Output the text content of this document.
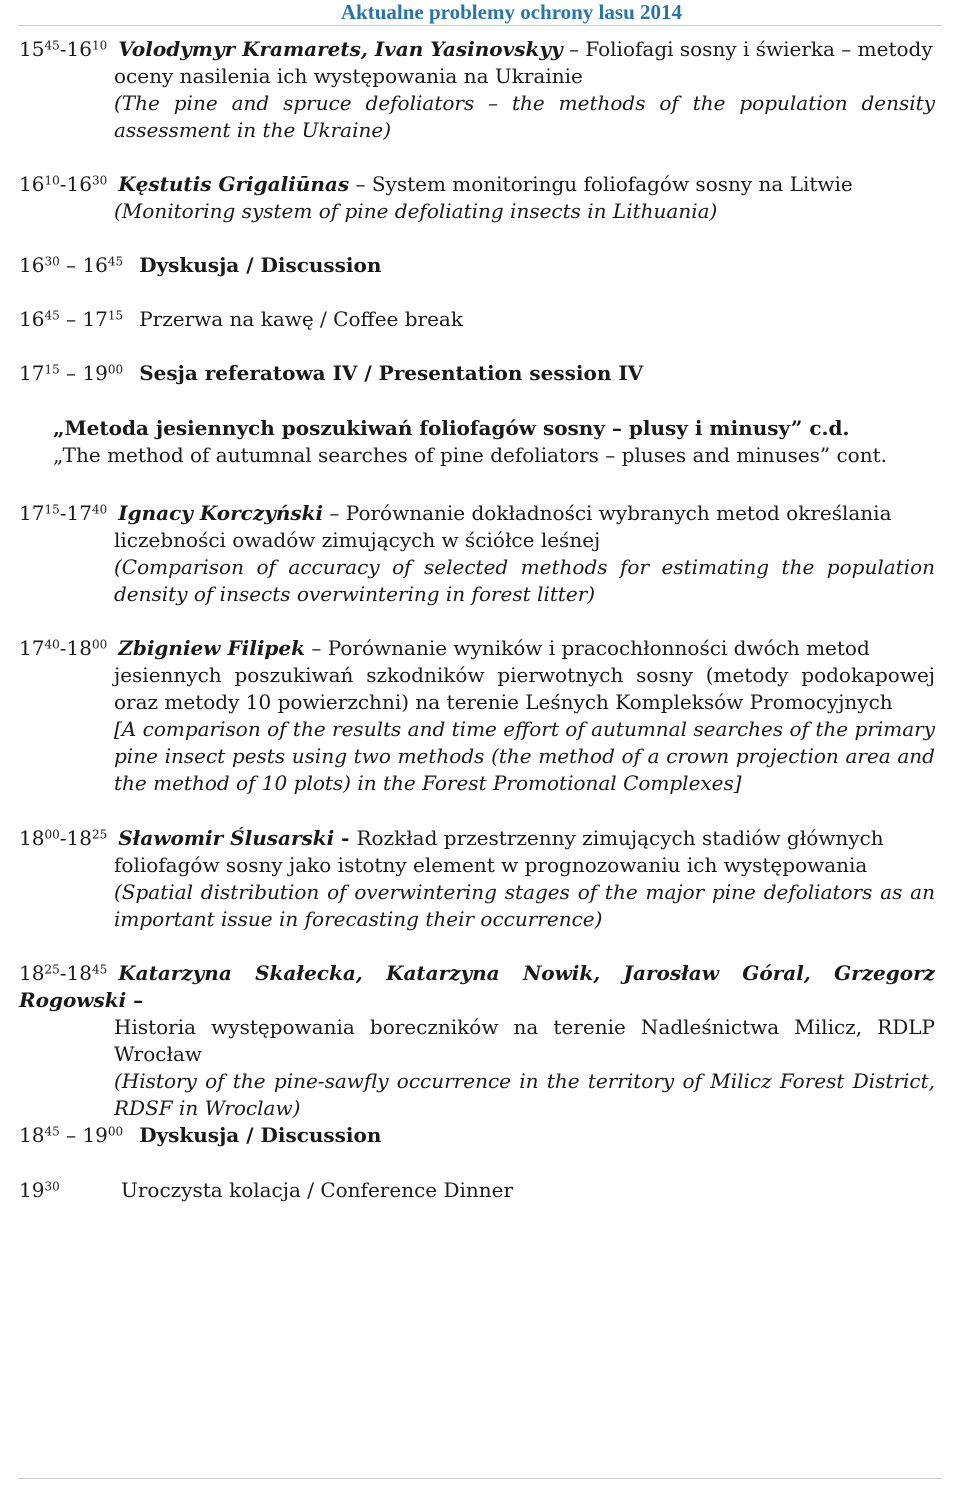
Aktualne problemy ochrony lasu 2014
$15^{45}-16^{10}$ Volodymyr Kramarets, Ivan Yasinovskyy – Foliofagi sosny i świerka – metody
oceny nasilenia ich występowania na Ukrainie
(The pine and spruce defoliators – the methods of the population density assessment in the Ukraine)
$16^{10}-16^{30}$ Kęstutis Grigaliūnas – System monitoringu foliofagów sosny na Litwie
(Monitoring system of pine defoliating insects in Lithuania)
$16^{30} - 16^{45}$ Dyskusja / Discussion
$16^{45} - 17^{15}$ Przerwa na kawę / Coffee break
$17^{15} - 19^{00}$ Sesja referatowa IV / Presentation session IV
„Metoda jesiennych poszukiwań foliofagów sosny – plusy i minusy” c.d.
„The method of autumnal searches of pine defoliators – pluses and minuses” cont.
$17^{15}-17^{40}$ Ignacy Korczyński – Porównanie dokładności wybranych metod określania
liczebności owadów zimujących w ściółce leśnej
(Comparison of accuracy of selected methods for estimating the population density of insects overwintering in forest litter)
$17^{40}-18^{00}$ Zbigniew Filipek – Porównanie wyników i pracochłonności dwóch metod
jesiennych poszukiwań szkodników pierwotnych sosny (metody podokapowej oraz metody 10 powierzchni) na terenie Leśnych Kompleksów Promocyjnych
[A comparison of the results and time effort of autumnal searches of the primary pine insect pests using two methods (the method of a crown projection area and the method of 10 plots) in the Forest Promotional Complexes]
$18^{00}-18^{25}$ Sławomir Ślusarski - Rozkład przestrzenny zimujących stadiów głównych
foliofagów sosny jako istotny element w prognozowaniu ich występowania
(Spatial distribution of overwintering stages of the major pine defoliators as an important issue in forecasting their occurrence)
$18^{25}-18^{45}$ Katarzyna Skałecka, Katarzyna Nowik, Jarosław Góral, Grzegorz Rogowski –
Historia występowania boreczników na terenie Nadleśnictwa Milicz, RDLP Wrocław
(History of the pine-sawfly occurrence in the territory of Milicz Forest District, RDSF in Wroclaw)
$18^{45} - 19^{00}$ Dyskusja / Discussion
$19^{30}$	Uroczysta kolacja / Conference Dinner
